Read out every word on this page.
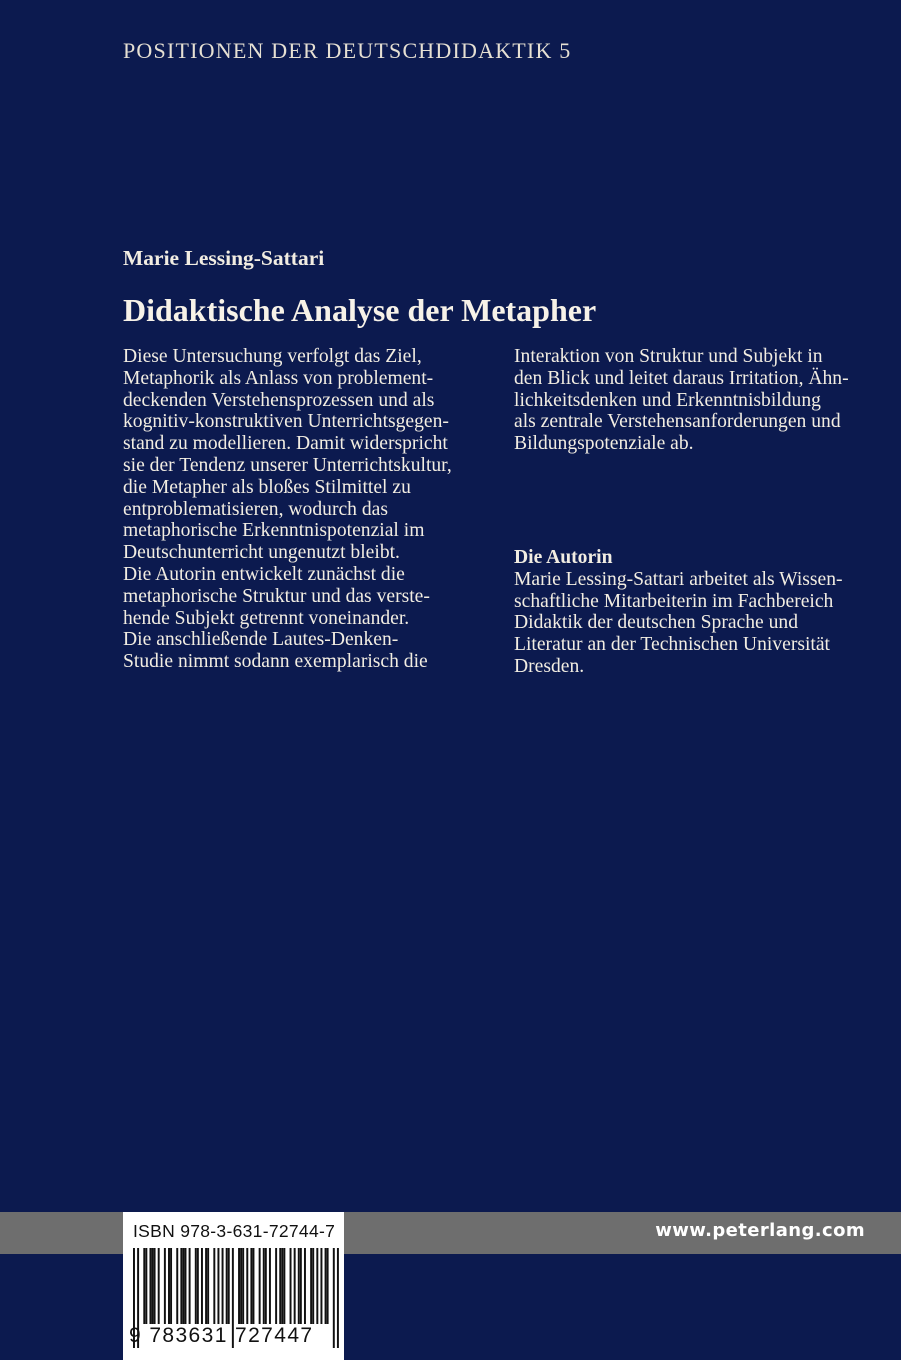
POSITIONEN DER DEUTSCHDIDAKTIK 5
Marie Lessing-Sattari
Didaktische Analyse der Metapher
Diese Untersuchung verfolgt das Ziel,
Metaphorik als Anlass von problement-
deckenden Verstehensprozessen und als
kognitiv-konstruktiven Unterrichtsgegen-
stand zu modellieren. Damit widerspricht
sie der Tendenz unserer Unterrichtskultur,
die Metapher als bloßes Stilmittel zu
entproblematisieren, wodurch das
metaphorische Erkenntnispotenzial im
Deutschunterricht ungenutzt bleibt.
Die Autorin entwickelt zunächst die
metaphorische Struktur und das verste-
hende Subjekt getrennt voneinander.
Die anschließende Lautes-Denken-
Studie nimmt sodann exemplarisch die
Interaktion von Struktur und Subjekt in
den Blick und leitet daraus Irritation, Ähn-
lichkeitsdenken und Erkenntnisbildung
als zentrale Verstehensanforderungen und
Bildungspotenziale ab.
Die Autorin
Marie Lessing-Sattari arbeitet als Wissen-
schaftliche Mitarbeiterin im Fachbereich
Didaktik der deutschen Sprache und
Literatur an der Technischen Universität
Dresden.
www.peterlang.com
ISBN 978-3-631-72744-7
9 783631 727447
